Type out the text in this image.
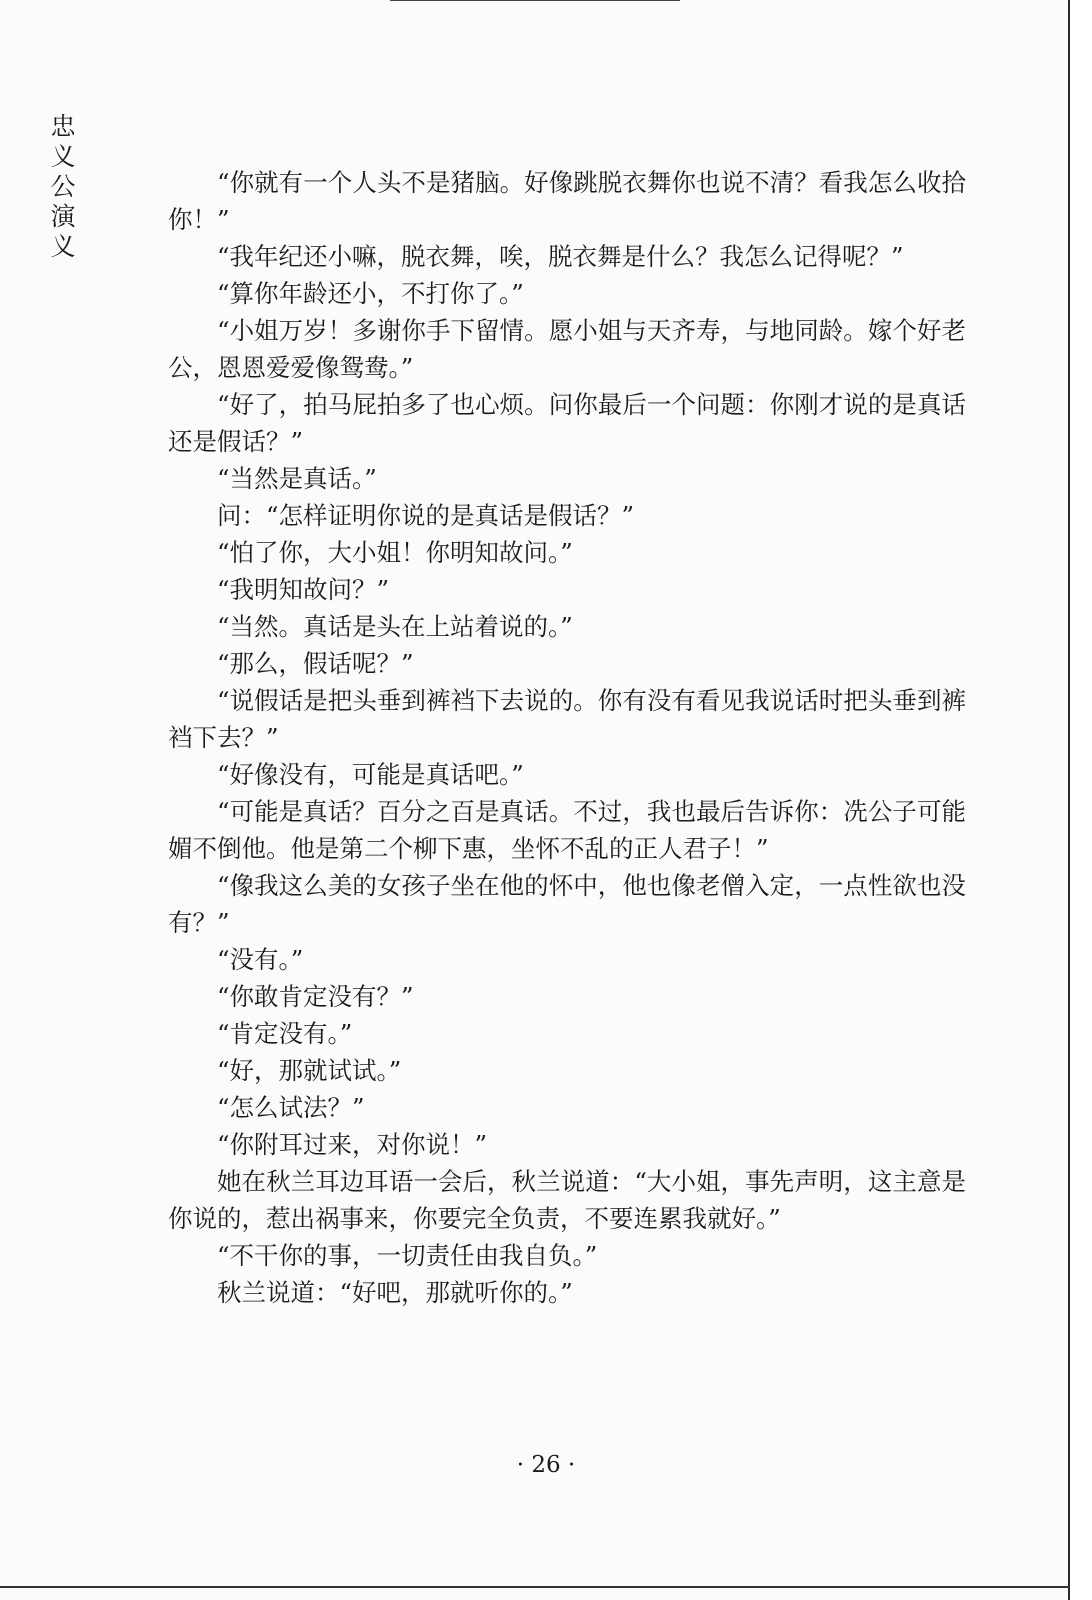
忠义公演义

“你就有一个人头不是猪脑。好像跳脱衣舞你也说不清？看我怎么收拾你！”

“我年纪还小嘛，脱衣舞，唉，脱衣舞是什么？我怎么记得呢？”

“算你年龄还小，不打你了。”

“小姐万岁！多谢你手下留情。愿小姐与天齐寿，与地同龄。嫁个好老公，恩恩爱爱像鸳鸯。”

“好了，拍马屁拍多了也心烦。问你最后一个问题：你刚才说的是真话还是假话？”

“当然是真话。”

问：“怎样证明你说的是真话是假话？”

“怕了你，大小姐！你明知故问。”

“我明知故问？”

“当然。真话是头在上站着说的。”

“那么，假话呢？”

“说假话是把头垂到裤裆下去说的。你有没有看见我说话时把头垂到裤裆下去？”

“好像没有，可能是真话吧。”

“可能是真话？百分之百是真话。不过，我也最后告诉你：冼公子可能媚不倒他。他是第二个柳下惠，坐怀不乱的正人君子！”

“像我这么美的女孩子坐在他的怀中，他也像老僧入定，一点性欲也没有？”

“没有。”

“你敢肯定没有？”

“肯定没有。”

“好，那就试试。”

“怎么试法？”

“你附耳过来，对你说！”

她在秋兰耳边耳语一会后，秋兰说道：“大小姐，事先声明，这主意是你说的，惹出祸事来，你要完全负责，不要连累我就好。”

“不干你的事，一切责任由我自负。”

秋兰说道：“好吧，那就听你的。”

· 26 ·
